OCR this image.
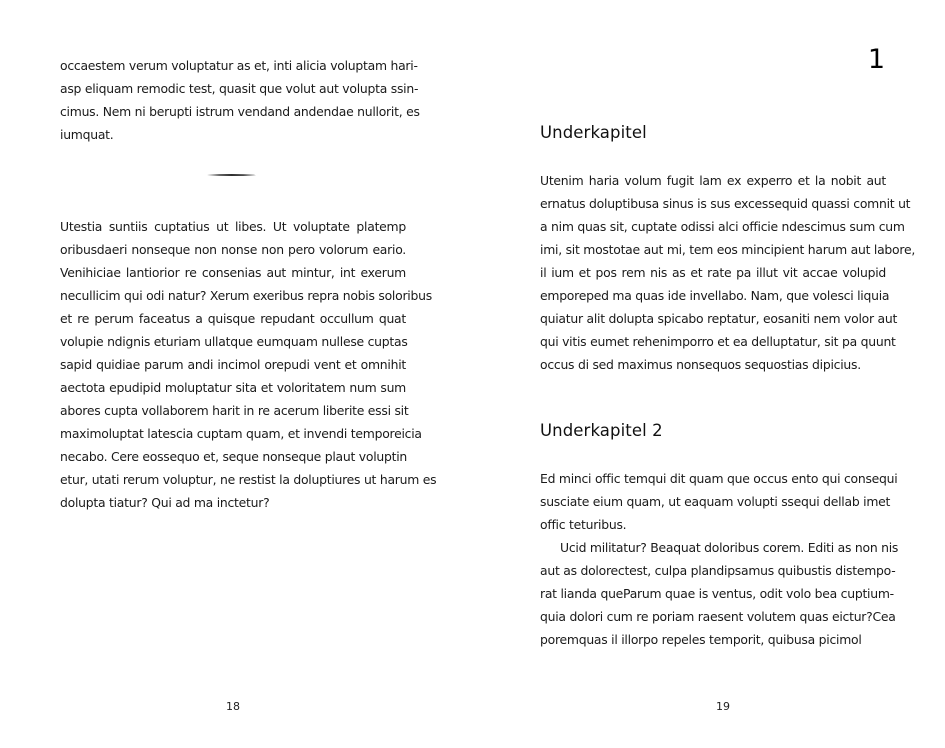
occaestem verum voluptatur as et, inti alicia voluptam hari-
asp eliquam remodic test, quasit que volut aut volupta ssin-
cimus. Nem ni berupti istrum vendand andendae nullorit, es
iumquat.
Utestia suntiis cuptatius ut libes. Ut voluptate platemp
oribusdaeri nonseque non nonse non pero volorum eario.
Venihiciae lantiorior re consenias aut mintur, int exerum
necullicim qui odi natur? Xerum exeribus repra nobis soloribus
et re perum faceatus a quisque repudant occullum quat
volupie ndignis eturiam ullatque eumquam nullese cuptas
sapid quidiae parum andi incimol orepudi vent et omnihit
aectota epudipid moluptatur sita et voloritatem num sum
abores cupta vollaborem harit in re acerum liberite essi sit
maximoluptat latescia cuptam quam, et invendi temporeicia
necabo. Cere eossequo et, seque nonseque plaut voluptin
etur, utati rerum voluptur, ne restist la doluptiures ut harum es
dolupta tiatur? Qui ad ma inctetur?
18
1
Underkapitel
Utenim haria volum fugit lam ex experro et la nobit aut
ernatus doluptibusa sinus is sus excessequid quassi comnit ut
a nim quas sit, cuptate odissi alci officie ndescimus sum cum
imi, sit mostotae aut mi, tem eos mincipient harum aut labore,
il ium et pos rem nis as et rate pa illut vit accae volupid
emporeped ma quas ide invellabo. Nam, que volesci liquia
quiatur alit dolupta spicabo reptatur, eosaniti nem volor aut
qui vitis eumet rehenimporro et ea delluptatur, sit pa quunt
occus di sed maximus nonsequos sequostias dipicius.
Underkapitel 2
Ed minci offic temqui dit quam que occus ento qui consequi
susciate eium quam, ut eaquam volupti ssequi dellab imet
offic teturibus.
Ucid militatur? Beaquat doloribus corem. Editi as non nis
aut as dolorectest, culpa plandipsamus quibustis distempo-
rat lianda queParum quae is ventus, odit volo bea cuptium-
quia dolori cum re poriam raesent volutem quas eictur?Cea
poremquas il illorpo repeles temporit, quibusa picimol
19
